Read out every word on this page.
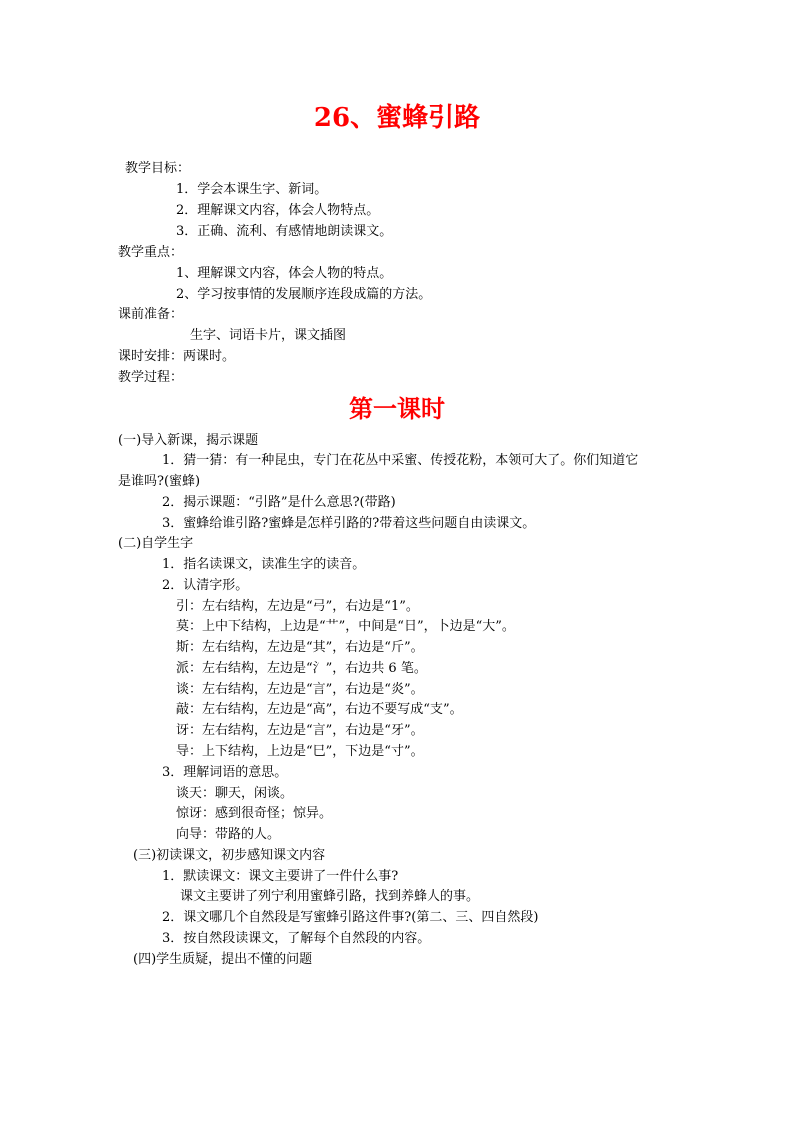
26、蜜蜂引路
教学目标：
1．学会本课生字、新词。
2．理解课文内容，体会人物特点。
3．正确、流利、有感情地朗读课文。
教学重点：
1、理解课文内容，体会人物的特点。
2、学习按事情的发展顺序连段成篇的方法。
课前准备：
生字、词语卡片，课文插图
课时安排：两课时。
教学过程：
第一课时
(一)导入新课，揭示课题
1．猜一猜：有一种昆虫，专门在花丛中采蜜、传授花粉，本领可大了。你们知道它
是谁吗?(蜜蜂)
2．揭示课题：“引路”是什么意思?(带路)
3．蜜蜂给谁引路?蜜蜂是怎样引路的?带着这些问题自由读课文。
(二)自学生字
1．指名读课文，读准生字的读音。
2．认清字形。
引：左右结构，左边是“弓”，右边是“1”。
莫：上中下结构，上边是“艹”，中间是“日”，卜边是“大”。
斯：左右结构，左边是“其”，右边是“斤”。
派：左右结构，左边是“氵”，右边共 6 笔。
谈：左右结构，左边是“言”，右边是“炎”。
敲：左右结构，左边是“高”，右边不要写成“支”。
讶：左右结构，左边是“言”，右边是“牙”。
导：上下结构，上边是“巳”，下边是“寸”。
3．理解词语的意思。
谈天：聊天，闲谈。
惊讶：感到很奇怪；惊异。
向导：带路的人。
(三)初读课文，初步感知课文内容
1．默读课文：课文主要讲了一件什么事?
课文主要讲了列宁利用蜜蜂引路，找到养蜂人的事。
2．课文哪几个自然段是写蜜蜂引路这件事?(第二、三、四自然段)
3．按自然段读课文，了解每个自然段的内容。
(四)学生质疑，提出不懂的问题
